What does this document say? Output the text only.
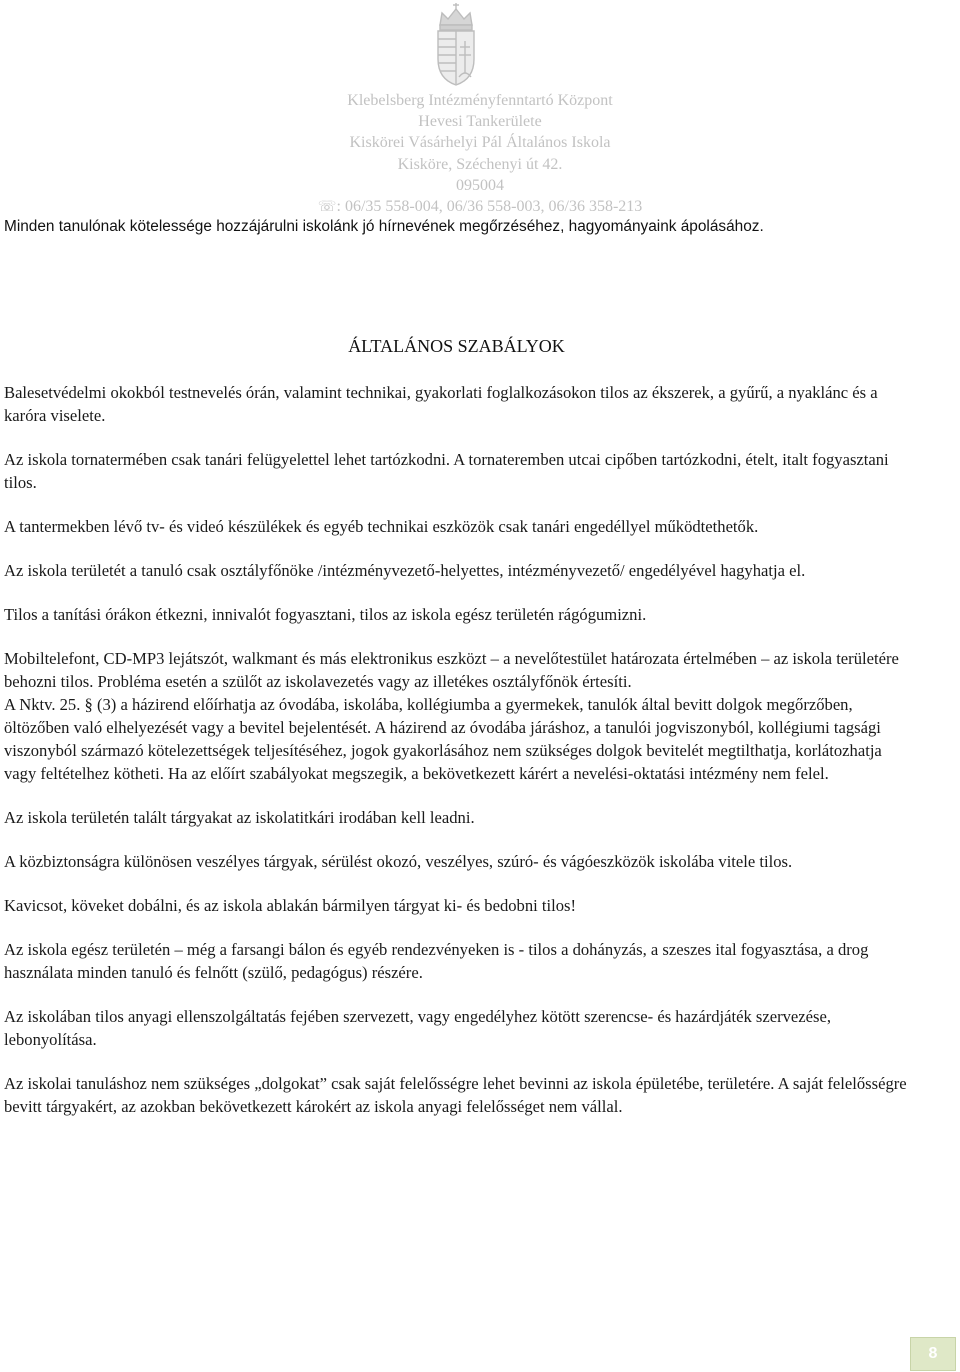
Klebelsberg Intézményfenntartó Központ
Hevesi Tankerülete
Kiskörei Vásárhelyi Pál Általános Iskola
Kisköre, Széchenyi út 42.
095004
☏: 06/35 558-004, 06/36 558-003, 06/36 358-213
Minden tanulónak kötelessége hozzájárulni iskolánk jó hírnevének megőrzéséhez, hagyományaink ápolásához.
ÁLTALÁNOS SZABÁLYOK

Balesetvédelmi okokból testnevelés órán, valamint technikai, gyakorlati foglalkozásokon tilos az ékszerek, a gyűrű, a nyaklánc és a karóra viselete.

Az iskola tornatermében csak tanári felügyelettel lehet tartózkodni. A tornateremben utcai cipőben tartózkodni, ételt, italt fogyasztani tilos.

A tantermekben lévő tv- és videó készülékek és egyéb technikai eszközök csak tanári engedéllyel működtethetők.

Az iskola területét a tanuló csak osztályfőnöke /intézményvezető-helyettes, intézményvezető/ engedélyével hagyhatja el.

Tilos a tanítási órákon étkezni, innivalót fogyasztani, tilos az iskola egész területén rágógumizni.

Mobiltelefont, CD-MP3 lejátszót, walkmant és más elektronikus eszközt – a nevelőtestület határozata értelmében – az iskola területére behozni tilos. Probléma esetén a szülőt az iskolavezetés vagy az illetékes osztályfőnök értesíti.

A Nktv. 25. § (3) a házirend előírhatja az óvodába, iskolába, kollégiumba a gyermekek, tanulók által bevitt dolgok megőrzőben, öltözőben való elhelyezését vagy a bevitel bejelentését. A házirend az óvodába járáshoz, a tanulói jogviszonyból, kollégiumi tagsági viszonyból származó kötelezettségek teljesítéséhez, jogok gyakorlásához nem szükséges dolgok bevitelét megtilthatja, korlátozhatja vagy feltételhez kötheti. Ha az előírt szabályokat megszegik, a bekövetkezett kárért a nevelési-oktatási intézmény nem felel.

Az iskola területén talált tárgyakat az iskolatitkári irodában kell leadni.

A közbiztonságra különösen veszélyes tárgyak, sérülést okozó, veszélyes, szúró- és vágóeszközök iskolába vitele tilos.

Kavicsot, köveket dobálni, és az iskola ablakán bármilyen tárgyat ki- és bedobni tilos!

Az iskola egész területén – még a farsangi bálon és egyéb rendezvényeken is - tilos a dohányzás, a szeszes ital fogyasztása, a drog használata minden tanuló és felnőtt (szülő, pedagógus) részére.

Az iskolában tilos anyagi ellenszolgáltatás fejében szervezett, vagy engedélyhez kötött szerencse- és hazárdjáték szervezése, lebonyolítása.

Az iskolai tanuláshoz nem szükséges „dolgokat” csak saját felelősségre lehet bevinni az iskola épületébe, területére. A saját felelősségre bevitt tárgyakért, az azokban bekövetkezett károkért az iskola anyagi felelősséget nem vállal.

8
